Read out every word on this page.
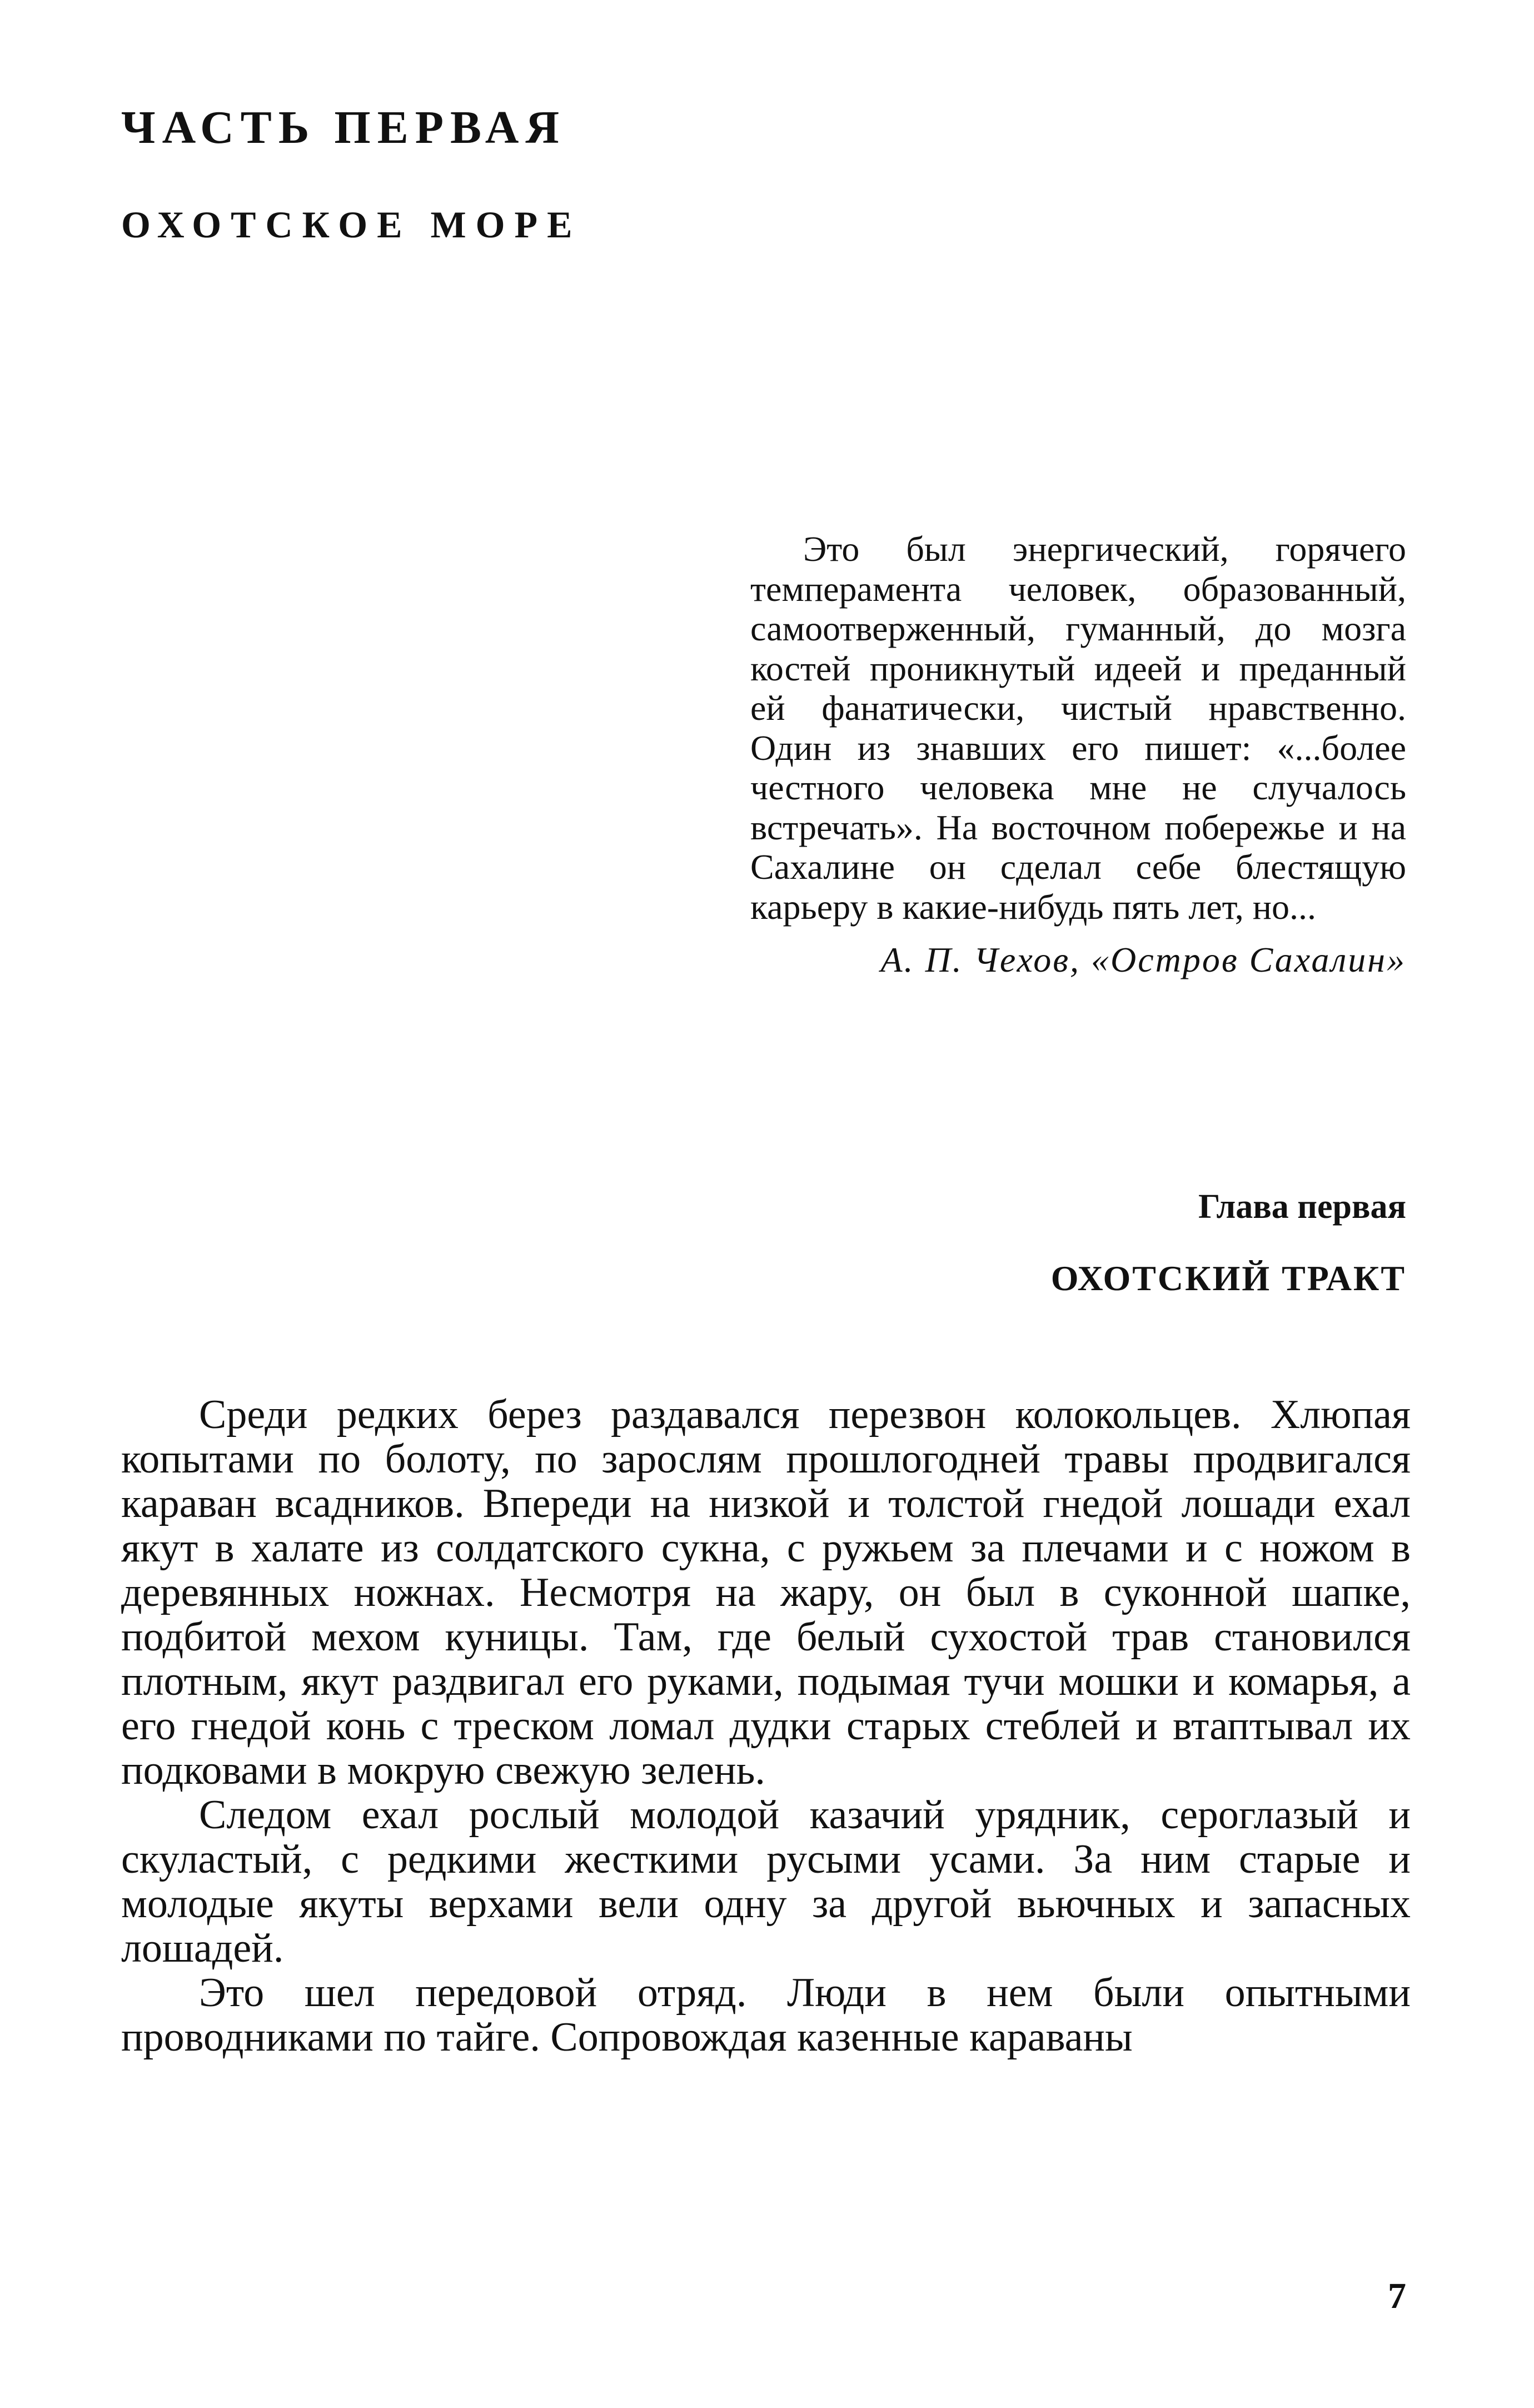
ЧАСТЬ ПЕРВАЯ
ОХОТСКОЕ МОРЕ

Это был энергический, горячего темперамента человек, образованный, самоотверженный, гуманный, до мозга костей проникнутый идеей и преданный ей фанатически, чистый нравственно. Один из знавших его пишет: «...более честного человека мне не случалось встречать». На восточном побережье и на Сахалине он сделал себе блестящую карьеру в какие-нибудь пять лет, но...

А. П. Чехов, «Остров Сахалин»

Глава первая
ОХОТСКИЙ ТРАКТ

Среди редких берез раздавался перезвон колокольцев. Хлюпая копытами по болоту, по зарослям прошлогодней травы продвигался караван всадников. Впереди на низкой и толстой гнедой лошади ехал якут в халате из солдатского сукна, с ружьем за плечами и с ножом в деревянных ножнах. Несмотря на жару, он был в суконной шапке, подбитой мехом куницы. Там, где белый сухостой трав становился плотным, якут раздвигал его руками, подымая тучи мошки и комарья, а его гнедой конь с треском ломал дудки старых стеблей и втаптывал их подковами в мокрую свежую зелень.

Следом ехал рослый молодой казачий урядник, сероглазый и скуластый, с редкими жесткими русыми усами. За ним старые и молодые якуты верхами вели одну за другой вьючных и запасных лошадей.

Это шел передовой отряд. Люди в нем были опытными проводниками по тайге. Сопровождая казенные караваны

7
